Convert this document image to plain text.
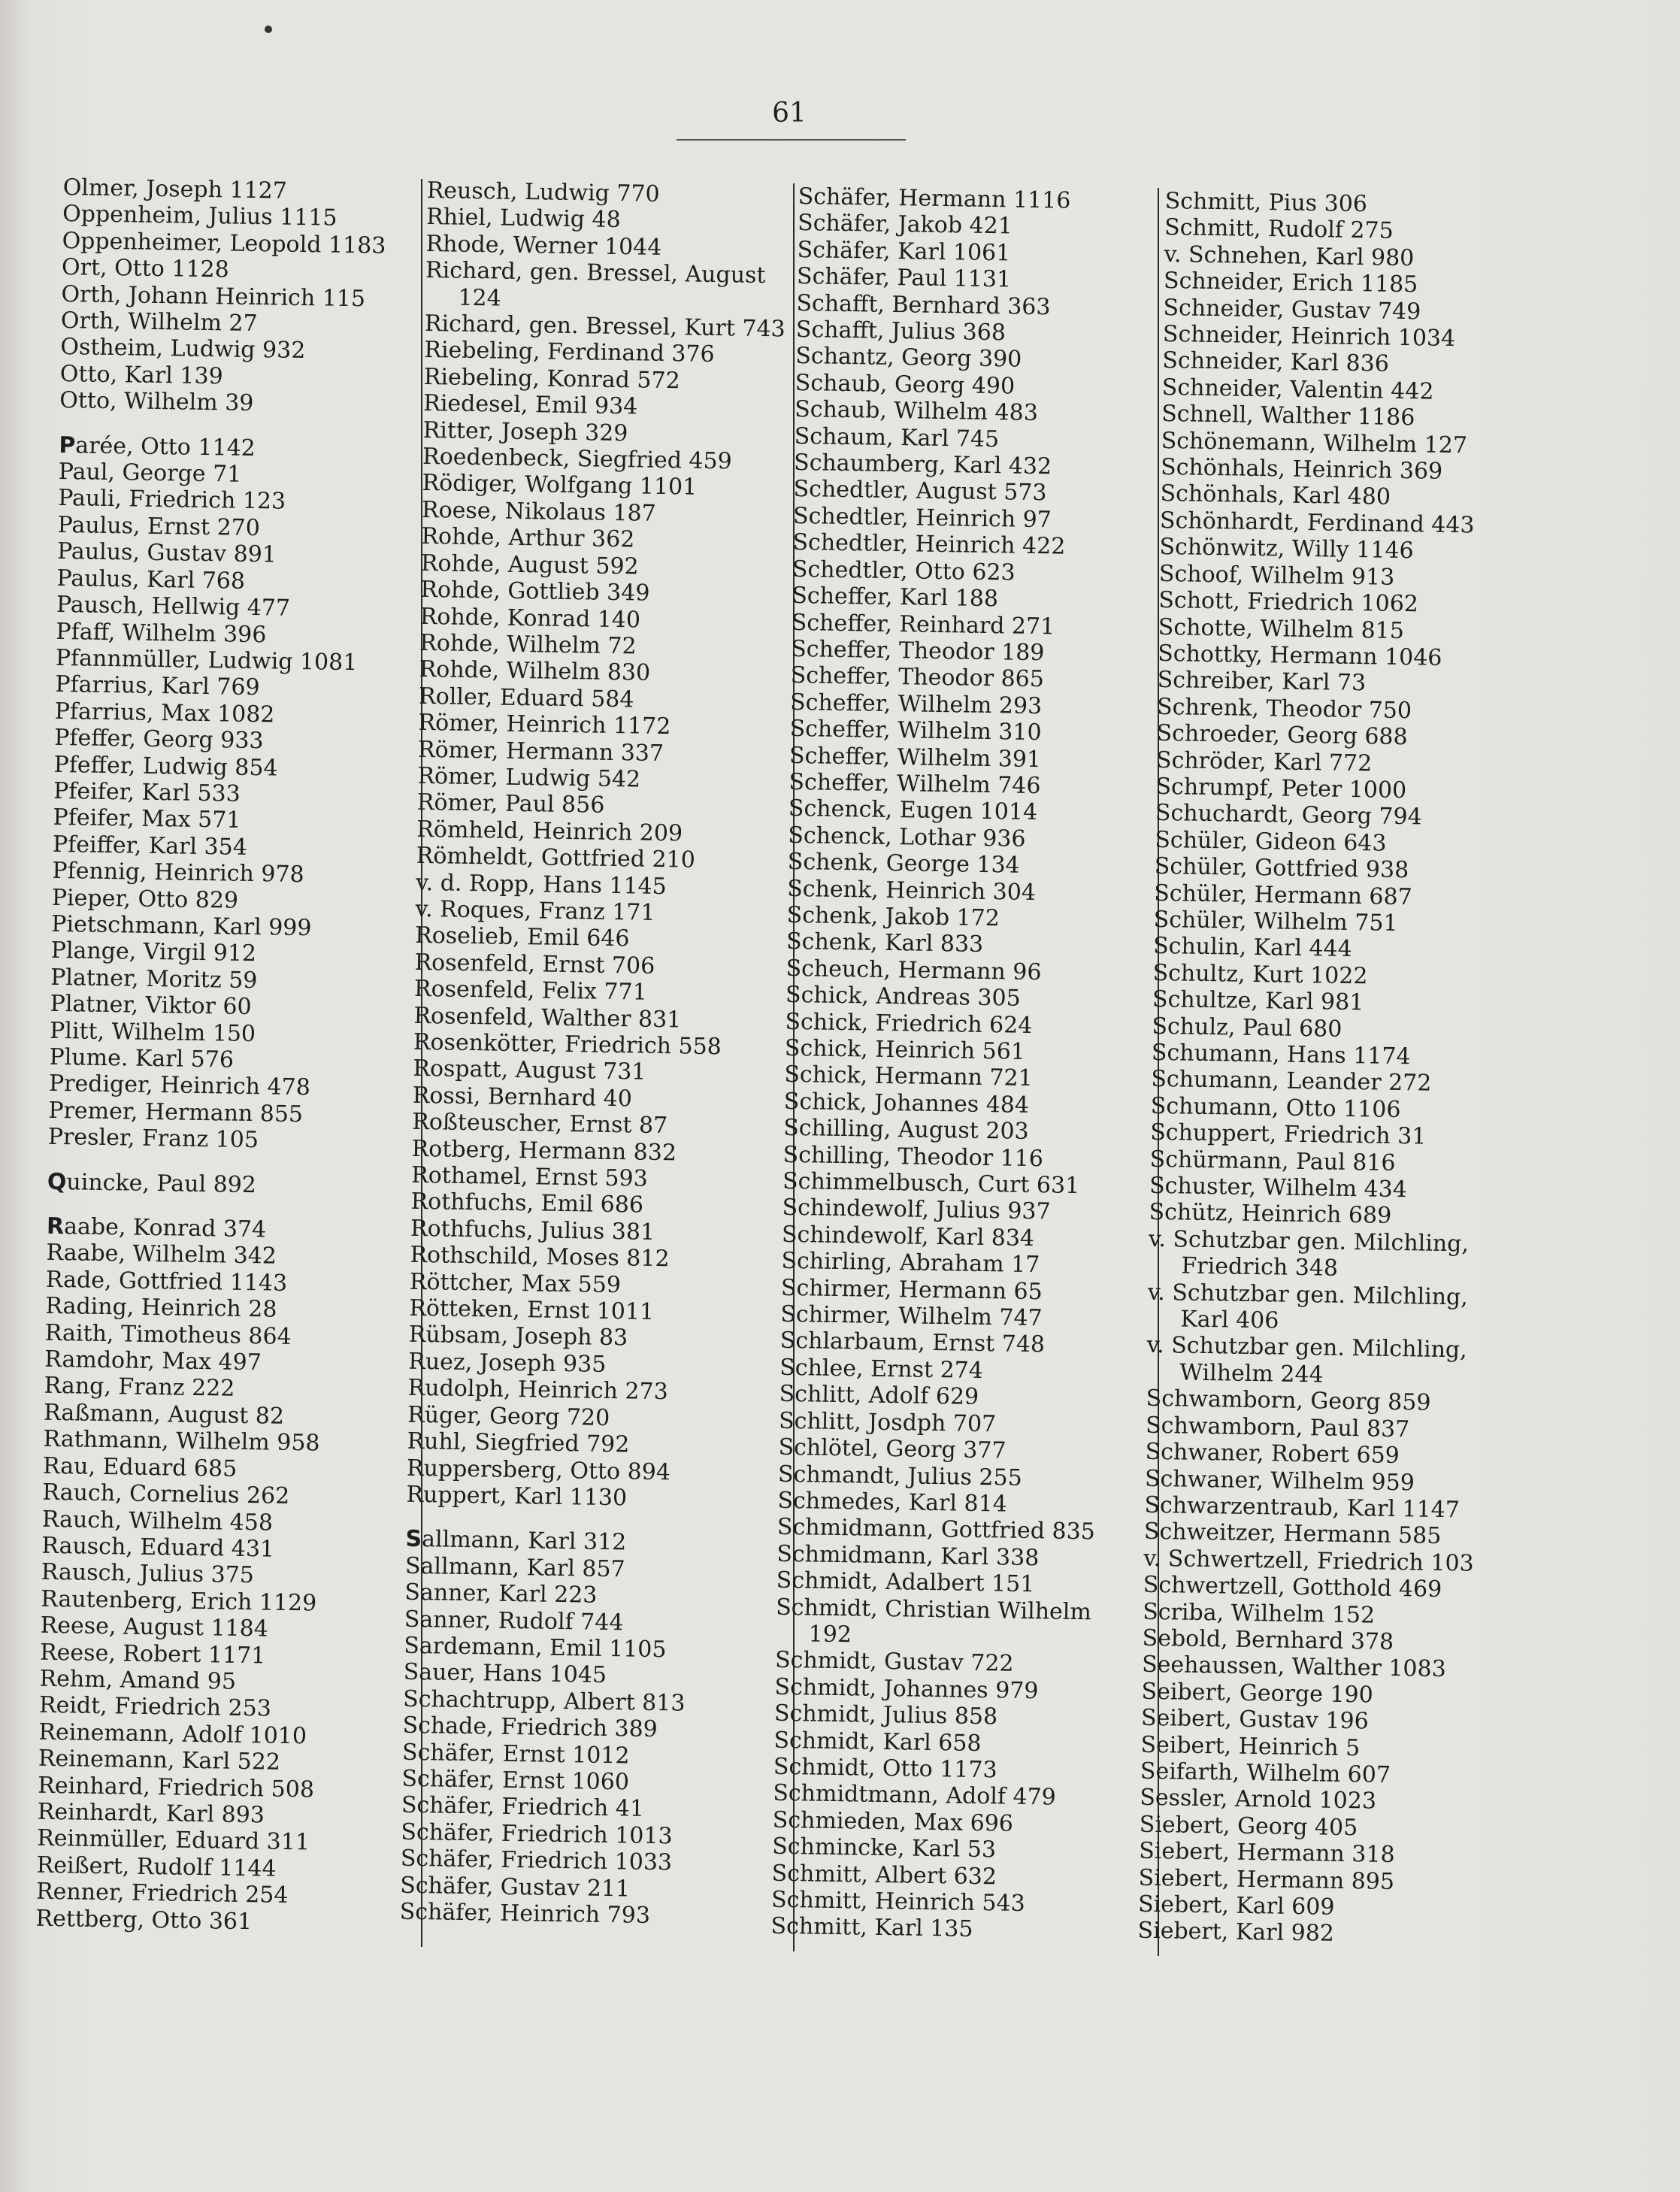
61
Olmer, Joseph 1127
Oppenheim, Julius 1115
Oppenheimer, Leopold 1183
Ort, Otto 1128
Orth, Johann Heinrich 115
Orth, Wilhelm 27
Ostheim, Ludwig 932
Otto, Karl 139
Otto, Wilhelm 39
Parée, Otto 1142
Paul, George 71
Pauli, Friedrich 123
Paulus, Ernst 270
Paulus, Gustav 891
Paulus, Karl 768
Pausch, Hellwig 477
Pfaff, Wilhelm 396
Pfannmüller, Ludwig 1081
Pfarrius, Karl 769
Pfarrius, Max 1082
Pfeffer, Georg 933
Pfeffer, Ludwig 854
Pfeifer, Karl 533
Pfeifer, Max 571
Pfeiffer, Karl 354
Pfennig, Heinrich 978
Pieper, Otto 829
Pietschmann, Karl 999
Plange, Virgil 912
Platner, Moritz 59
Platner, Viktor 60
Plitt, Wilhelm 150
Plume. Karl 576
Prediger, Heinrich 478
Premer, Hermann 855
Presler, Franz 105
Quincke, Paul 892
Raabe, Konrad 374
Raabe, Wilhelm 342
Rade, Gottfried 1143
Rading, Heinrich 28
Raith, Timotheus 864
Ramdohr, Max 497
Rang, Franz 222
Raßmann, August 82
Rathmann, Wilhelm 958
Rau, Eduard 685
Rauch, Cornelius 262
Rauch, Wilhelm 458
Rausch, Eduard 431
Rausch, Julius 375
Rautenberg, Erich 1129
Reese, August 1184
Reese, Robert 1171
Rehm, Amand 95
Reidt, Friedrich 253
Reinemann, Adolf 1010
Reinemann, Karl 522
Reinhard, Friedrich 508
Reinhardt, Karl 893
Reinmüller, Eduard 311
Reißert, Rudolf 1144
Renner, Friedrich 254
Rettberg, Otto 361
Reusch, Ludwig 770
Rhiel, Ludwig 48
Rhode, Werner 1044
Richard, gen. Bressel, August
124
Richard, gen. Bressel, Kurt 743
Riebeling, Ferdinand 376
Riebeling, Konrad 572
Riedesel, Emil 934
Ritter, Joseph 329
Roedenbeck, Siegfried 459
Rödiger, Wolfgang 1101
Roese, Nikolaus 187
Rohde, Arthur 362
Rohde, August 592
Rohde, Gottlieb 349
Rohde, Konrad 140
Rohde, Wilhelm 72
Rohde, Wilhelm 830
Roller, Eduard 584
Römer, Heinrich 1172
Römer, Hermann 337
Römer, Ludwig 542
Römer, Paul 856
Römheld, Heinrich 209
Römheldt, Gottfried 210
v. d. Ropp, Hans 1145
v. Roques, Franz 171
Roselieb, Emil 646
Rosenfeld, Ernst 706
Rosenfeld, Felix 771
Rosenfeld, Walther 831
Rosenkötter, Friedrich 558
Rospatt, August 731
Rossi, Bernhard 40
Roßteuscher, Ernst 87
Rotberg, Hermann 832
Rothamel, Ernst 593
Rothfuchs, Emil 686
Rothfuchs, Julius 381
Rothschild, Moses 812
Röttcher, Max 559
Rötteken, Ernst 1011
Rübsam, Joseph 83
Ruez, Joseph 935
Rudolph, Heinrich 273
Rüger, Georg 720
Ruhl, Siegfried 792
Ruppersberg, Otto 894
Ruppert, Karl 1130
Sallmann, Karl 312
Sallmann, Karl 857
Sanner, Karl 223
Sanner, Rudolf 744
Sardemann, Emil 1105
Sauer, Hans 1045
Schachtrupp, Albert 813
Schade, Friedrich 389
Schäfer, Ernst 1012
Schäfer, Ernst 1060
Schäfer, Friedrich 41
Schäfer, Friedrich 1013
Schäfer, Friedrich 1033
Schäfer, Gustav 211
Schäfer, Heinrich 793
Schäfer, Hermann 1116
Schäfer, Jakob 421
Schäfer, Karl 1061
Schäfer, Paul 1131
Schafft, Bernhard 363
Schafft, Julius 368
Schantz, Georg 390
Schaub, Georg 490
Schaub, Wilhelm 483
Schaum, Karl 745
Schaumberg, Karl 432
Schedtler, August 573
Schedtler, Heinrich 97
Schedtler, Heinrich 422
Schedtler, Otto 623
Scheffer, Karl 188
Scheffer, Reinhard 271
Scheffer, Theodor 189
Scheffer, Theodor 865
Scheffer, Wilhelm 293
Scheffer, Wilhelm 310
Scheffer, Wilhelm 391
Scheffer, Wilhelm 746
Schenck, Eugen 1014
Schenck, Lothar 936
Schenk, George 134
Schenk, Heinrich 304
Schenk, Jakob 172
Schenk, Karl 833
Scheuch, Hermann 96
Schick, Andreas 305
Schick, Friedrich 624
Schick, Heinrich 561
Schick, Hermann 721
Schick, Johannes 484
Schilling, August 203
Schilling, Theodor 116
Schimmelbusch, Curt 631
Schindewolf, Julius 937
Schindewolf, Karl 834
Schirling, Abraham 17
Schirmer, Hermann 65
Schirmer, Wilhelm 747
Schlarbaum, Ernst 748
Schlee, Ernst 274
Schlitt, Adolf 629
Schlitt, Josdph 707
Schlötel, Georg 377
Schmandt, Julius 255
Schmedes, Karl 814
Schmidmann, Gottfried 835
Schmidmann, Karl 338
Schmidt, Adalbert 151
Schmidt, Christian Wilhelm
192
Schmidt, Gustav 722
Schmidt, Johannes 979
Schmidt, Julius 858
Schmidt, Karl 658
Schmidt, Otto 1173
Schmidtmann, Adolf 479
Schmieden, Max 696
Schmincke, Karl 53
Schmitt, Albert 632
Schmitt, Heinrich 543
Schmitt, Karl 135
Schmitt, Pius 306
Schmitt, Rudolf 275
v. Schnehen, Karl 980
Schneider, Erich 1185
Schneider, Gustav 749
Schneider, Heinrich 1034
Schneider, Karl 836
Schneider, Valentin 442
Schnell, Walther 1186
Schönemann, Wilhelm 127
Schönhals, Heinrich 369
Schönhals, Karl 480
Schönhardt, Ferdinand 443
Schönwitz, Willy 1146
Schoof, Wilhelm 913
Schott, Friedrich 1062
Schotte, Wilhelm 815
Schottky, Hermann 1046
Schreiber, Karl 73
Schrenk, Theodor 750
Schroeder, Georg 688
Schröder, Karl 772
Schrumpf, Peter 1000
Schuchardt, Georg 794
Schüler, Gideon 643
Schüler, Gottfried 938
Schüler, Hermann 687
Schüler, Wilhelm 751
Schulin, Karl 444
Schultz, Kurt 1022
Schultze, Karl 981
Schulz, Paul 680
Schumann, Hans 1174
Schumann, Leander 272
Schumann, Otto 1106
Schuppert, Friedrich 31
Schürmann, Paul 816
Schuster, Wilhelm 434
Schütz, Heinrich 689
v. Schutzbar gen. Milchling,
Friedrich 348
v. Schutzbar gen. Milchling,
Karl 406
v. Schutzbar gen. Milchling,
Wilhelm 244
Schwamborn, Georg 859
Schwamborn, Paul 837
Schwaner, Robert 659
Schwaner, Wilhelm 959
Schwarzentraub, Karl 1147
Schweitzer, Hermann 585
v. Schwertzell, Friedrich 103
Schwertzell, Gotthold 469
Scriba, Wilhelm 152
Sebold, Bernhard 378
Seehaussen, Walther 1083
Seibert, George 190
Seibert, Gustav 196
Seibert, Heinrich 5
Seifarth, Wilhelm 607
Sessler, Arnold 1023
Siebert, Georg 405
Siebert, Hermann 318
Siebert, Hermann 895
Siebert, Karl 609
Siebert, Karl 982
